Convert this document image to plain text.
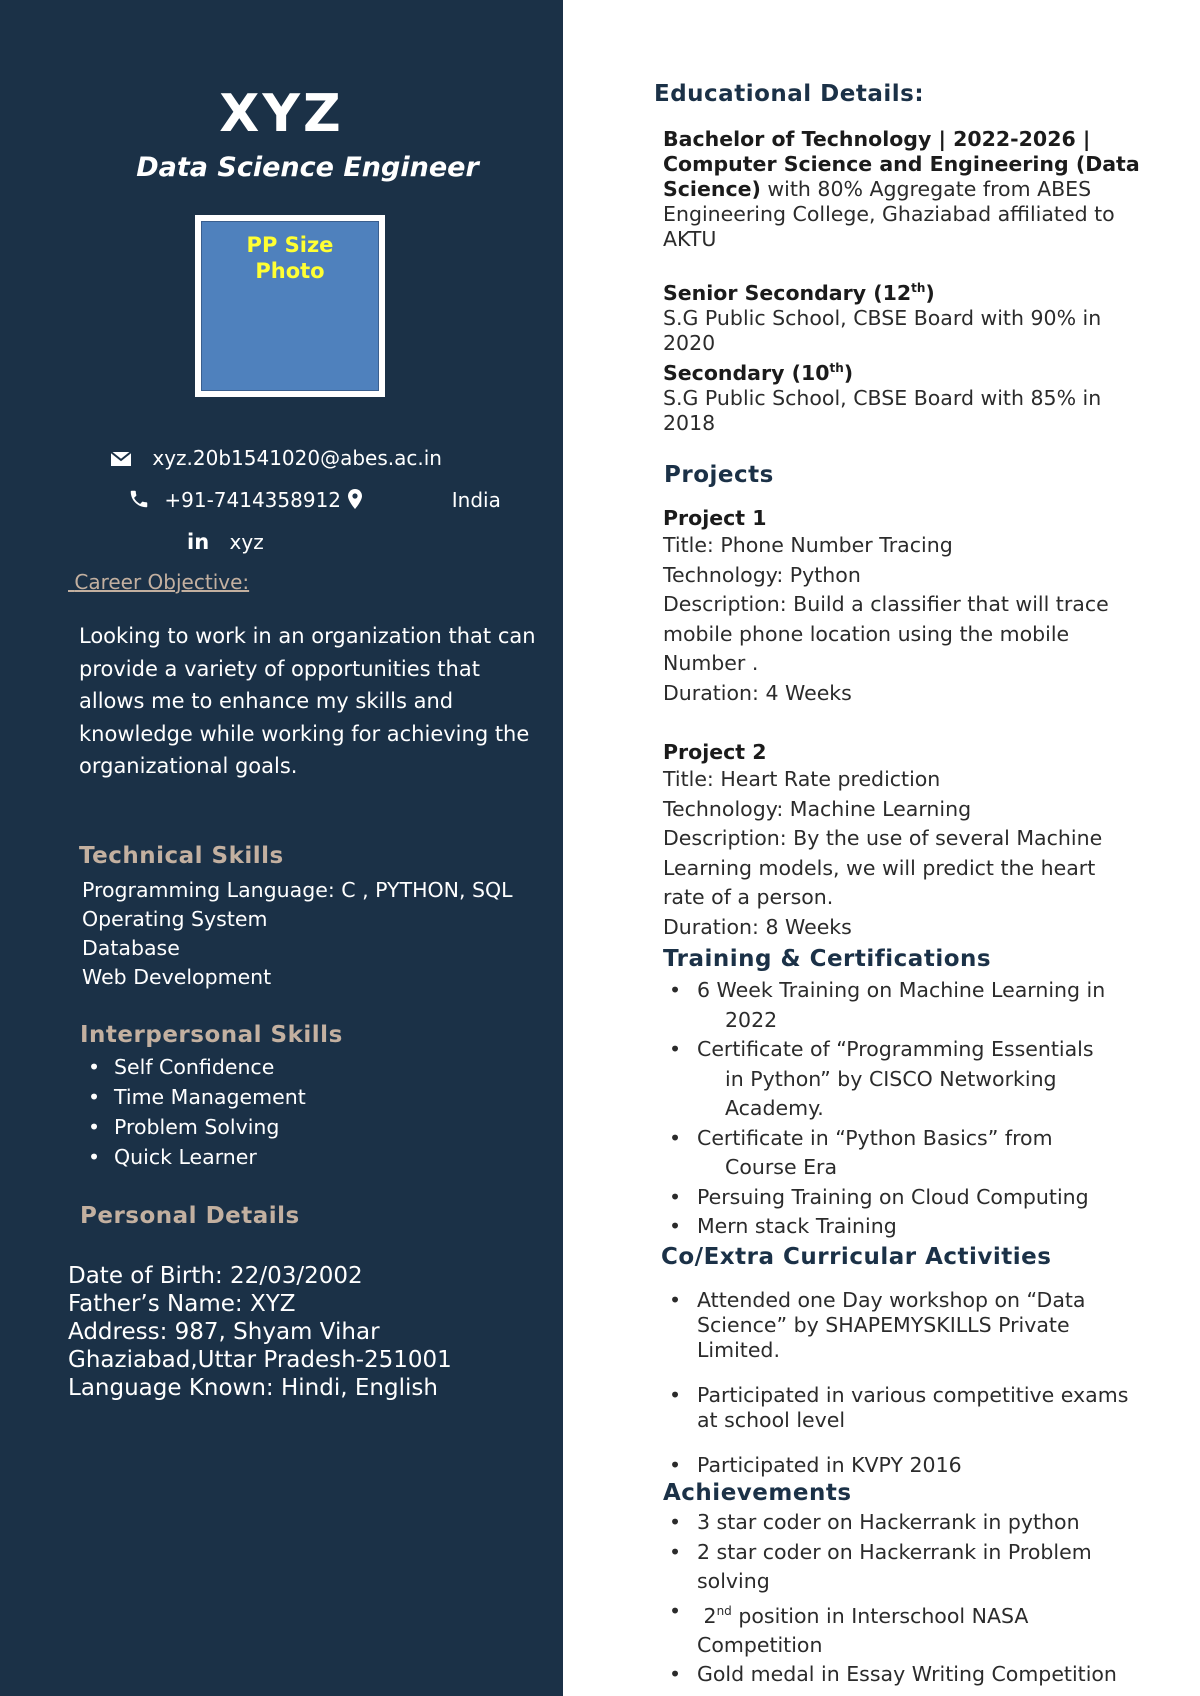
XYZ
Data Science Engineer
PP Size
Photo
xyz.20b1541020@abes.ac.in
+91-7414358912	India
in xyz
Career Objective:
Looking to work in an organization that can provide a variety of opportunities that allows me to enhance my skills and knowledge while working for achieving the organizational goals.
Technical Skills
Programming Language: C , PYTHON, SQL
Operating System
Database
Web Development
Interpersonal Skills
• Self Confidence
• Time Management
• Problem Solving
• Quick Learner
Personal Details
Date of Birth: 22/03/2002
Father’s Name: XYZ
Address: 987, Shyam Vihar
Ghaziabad,Uttar Pradesh-251001
Language Known: Hindi, English
Educational Details:
Bachelor of Technology | 2022-2026 | Computer Science and Engineering (Data Science) with 80% Aggregate from ABES Engineering College, Ghaziabad affiliated to AKTU
Senior Secondary (12th)
S.G Public School, CBSE Board with 90% in 2020
Secondary (10th)
S.G Public School, CBSE Board with 85% in 2018
Projects
Project 1
Title: Phone Number Tracing
Technology: Python
Description: Build a classifier that will trace mobile phone location using the mobile Number .
Duration: 4 Weeks
Project 2
Title: Heart Rate prediction
Technology: Machine Learning
Description: By the use of several Machine Learning models, we will predict the heart rate of a person.
Duration: 8 Weeks
Training & Certifications
• 6 Week Training on Machine Learning in
2022
• Certificate of “Programming Essentials
in Python” by CISCO Networking
Academy.
• Certificate in “Python Basics” from
Course Era
• Persuing Training on Cloud Computing
• Mern stack Training
Co/Extra Curricular Activities
• Attended one Day workshop on “Data Science” by SHAPEMYSKILLS Private Limited.
• Participated in various competitive exams at school level
• Participated in KVPY 2016
Achievements
• 3 star coder on Hackerrank in python
• 2 star coder on Hackerrank in Problem solving
• 2nd position in Interschool NASA Competition
• Gold medal in Essay Writing Competition
